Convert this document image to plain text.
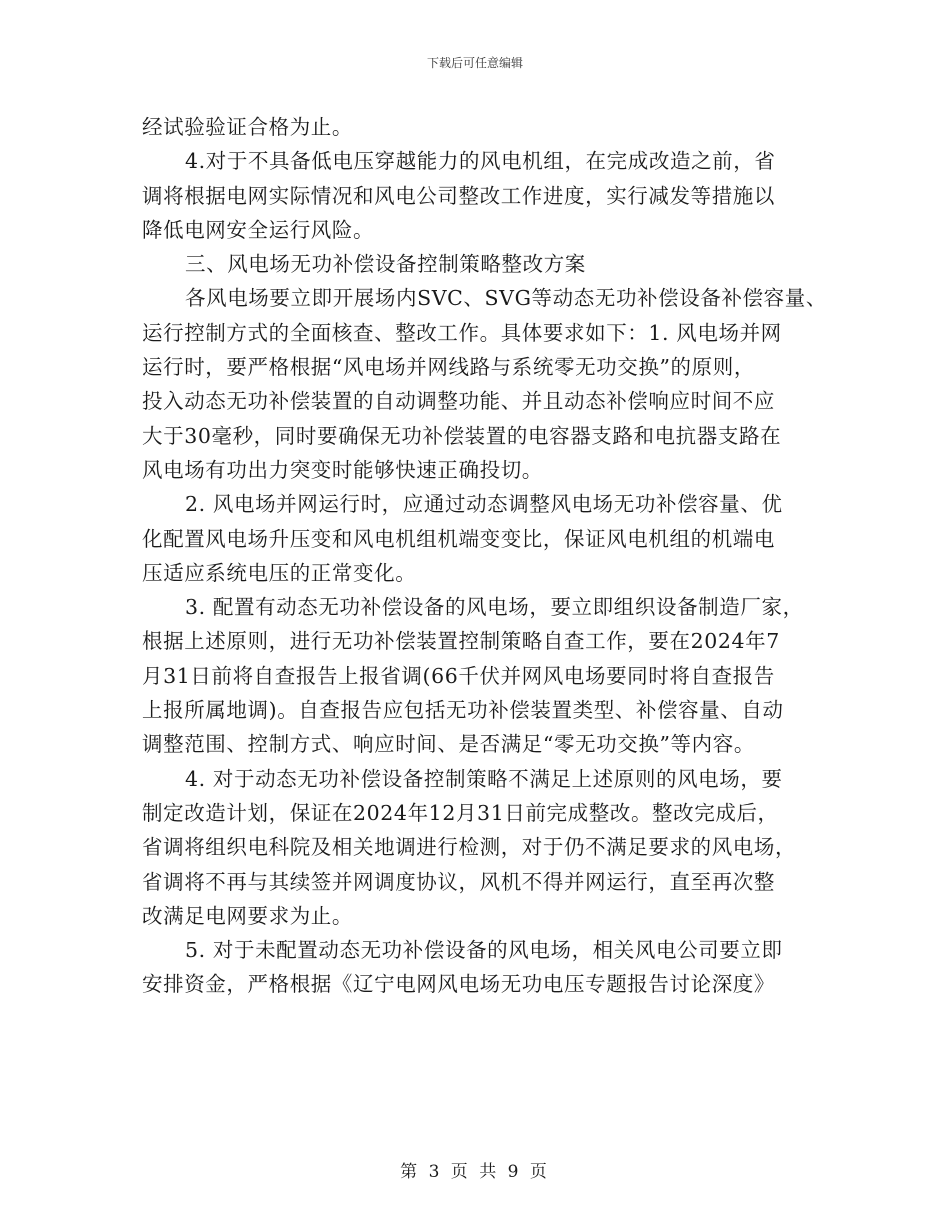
下载后可任意编辑
经试验验证合格为止。
4.对于不具备低电压穿越能力的风电机组，在完成改造之前，省
调将根据电网实际情况和风电公司整改工作进度，实行减发等措施以
降低电网安全运行风险。
三、风电场无功补偿设备控制策略整改方案
各风电场要立即开展场内SVC、SVG等动态无功补偿设备补偿容量、
运行控制方式的全面核查、整改工作。具体要求如下：1. 风电场并网
运行时，要严格根据“风电场并网线路与系统零无功交换”的原则，
投入动态无功补偿装置的自动调整功能、并且动态补偿响应时间不应
大于30毫秒，同时要确保无功补偿装置的电容器支路和电抗器支路在
风电场有功出力突变时能够快速正确投切。
2. 风电场并网运行时，应通过动态调整风电场无功补偿容量、优
化配置风电场升压变和风电机组机端变变比，保证风电机组的机端电
压适应系统电压的正常变化。
3. 配置有动态无功补偿设备的风电场，要立即组织设备制造厂家，
根据上述原则，进行无功补偿装置控制策略自查工作，要在2024年7
月31日前将自查报告上报省调(66千伏并网风电场要同时将自查报告
上报所属地调)。自查报告应包括无功补偿装置类型、补偿容量、自动
调整范围、控制方式、响应时间、是否满足“零无功交换”等内容。
4. 对于动态无功补偿设备控制策略不满足上述原则的风电场，要
制定改造计划，保证在2024年12月31日前完成整改。整改完成后，
省调将组织电科院及相关地调进行检测，对于仍不满足要求的风电场，
省调将不再与其续签并网调度协议，风机不得并网运行，直至再次整
改满足电网要求为止。
5. 对于未配置动态无功补偿设备的风电场，相关风电公司要立即
安排资金，严格根据《辽宁电网风电场无功电压专题报告讨论深度》
第 3 页 共 9 页
